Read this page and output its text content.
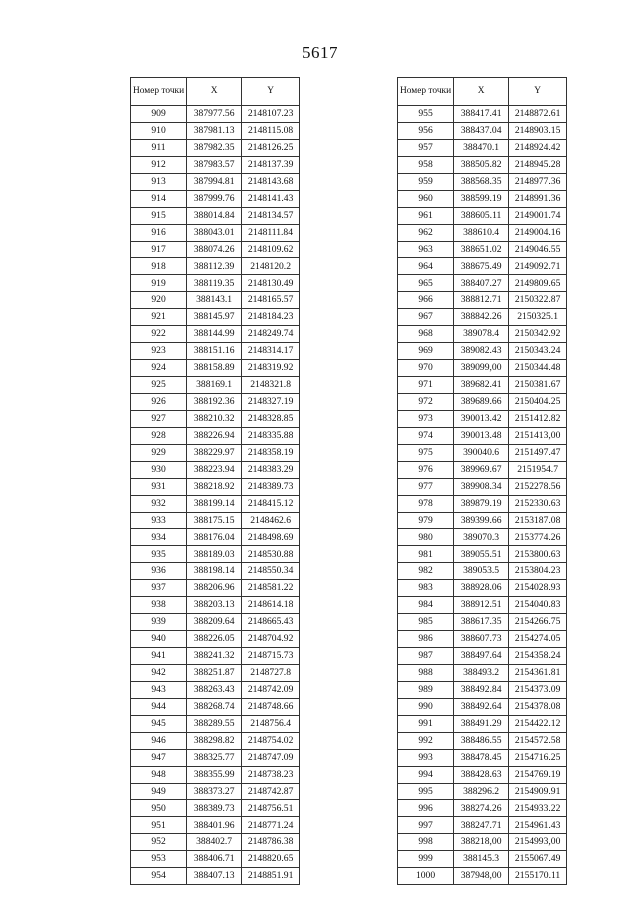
5617
Номер точки	X	Y
909	387977.56	2148107.23
910	387981.13	2148115.08
911	387982.35	2148126.25
912	387983.57	2148137.39
913	387994.81	2148143.68
914	387999.76	2148141.43
915	388014.84	2148134.57
916	388043.01	2148111.84
917	388074.26	2148109.62
918	388112.39	2148120.2
919	388119.35	2148130.49
920	388143.1	2148165.57
921	388145.97	2148184.23
922	388144.99	2148249.74
923	388151.16	2148314.17
924	388158.89	2148319.92
925	388169.1	2148321.8
926	388192.36	2148327.19
927	388210.32	2148328.85
928	388226.94	2148335.88
929	388229.97	2148358.19
930	388223.94	2148383.29
931	388218.92	2148389.73
932	388199.14	2148415.12
933	388175.15	2148462.6
934	388176.04	2148498.69
935	388189.03	2148530.88
936	388198.14	2148550.34
937	388206.96	2148581.22
938	388203.13	2148614.18
939	388209.64	2148665.43
940	388226.05	2148704.92
941	388241.32	2148715.73
942	388251.87	2148727.8
943	388263.43	2148742.09
944	388268.74	2148748.66
945	388289.55	2148756.4
946	388298.82	2148754.02
947	388325.77	2148747.09
948	388355.99	2148738.23
949	388373.27	2148742.87
950	388389.73	2148756.51
951	388401.96	2148771.24
952	388402.7	2148786.38
953	388406.71	2148820.65
954	388407.13	2148851.91
Номер точки	X	Y
955	388417.41	2148872.61
956	388437.04	2148903.15
957	388470.1	2148924.42
958	388505.82	2148945.28
959	388568.35	2148977.36
960	388599.19	2148991.36
961	388605.11	2149001.74
962	388610.4	2149004.16
963	388651.02	2149046.55
964	388675.49	2149092.71
965	388407.27	2149809.65
966	388812.71	2150322.87
967	388842.26	2150325.1
968	389078.4	2150342.92
969	389082.43	2150343.24
970	389099,00	2150344.48
971	389682.41	2150381.67
972	389689.66	2150404.25
973	390013.42	2151412.82
974	390013.48	2151413,00
975	390040.6	2151497.47
976	389969.67	2151954.7
977	389908.34	2152278.56
978	389879.19	2152330.63
979	389399.66	2153187.08
980	389070.3	2153774.26
981	389055.51	2153800.63
982	389053.5	2153804.23
983	388928.06	2154028.93
984	388912.51	2154040.83
985	388617.35	2154266.75
986	388607.73	2154274.05
987	388497.64	2154358.24
988	388493.2	2154361.81
989	388492.84	2154373.09
990	388492.64	2154378.08
991	388491.29	2154422.12
992	388486.55	2154572.58
993	388478.45	2154716.25
994	388428.63	2154769.19
995	388296.2	2154909.91
996	388274.26	2154933.22
997	388247.71	2154961.43
998	388218,00	2154993,00
999	388145.3	2155067.49
1000	387948,00	2155170.11
